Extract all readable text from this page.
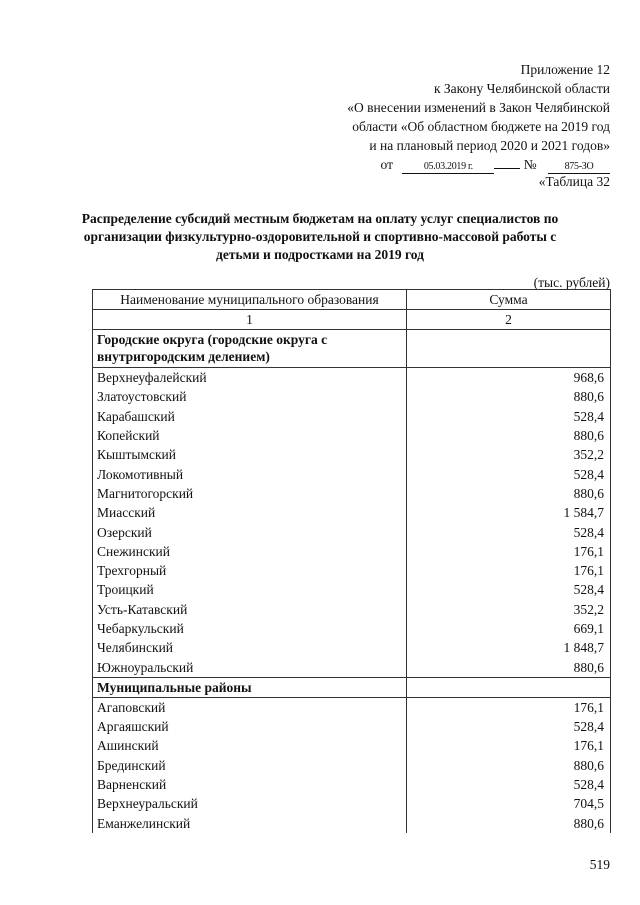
Приложение 12
к Закону Челябинской области
«О внесении изменений в Закон Челябинской
области «Об областном бюджете на 2019 год
и на плановый период 2020 и 2021 годов»
от	05.03.2019 г.	№	875-ЗО
«Таблица 32
Распределение субсидий местным бюджетам на оплату услуг специалистов по организации физкультурно-оздоровительной и спортивно-массовой работы с детьми и подростками на 2019 год
(тыс. рублей)
Наименование муниципального образования	Сумма
1	2
Городские округа (городские округа с внутригородским делением)	
Верхнеуфалейский	968,6
Златоустовский	880,6
Карабашский	528,4
Копейский	880,6
Кыштымский	352,2
Локомотивный	528,4
Магнитогорский	880,6
Миасский	1 584,7
Озерский	528,4
Снежинский	176,1
Трехгорный	176,1
Троицкий	528,4
Усть-Катавский	352,2
Чебаркульский	669,1
Челябинский	1 848,7
Южноуральский	880,6
Муниципальные районы	
Агаповский	176,1
Аргаяшский	528,4
Ашинский	176,1
Брединский	880,6
Варненский	528,4
Верхнеуральский	704,5
Еманжелинский	880,6
519
